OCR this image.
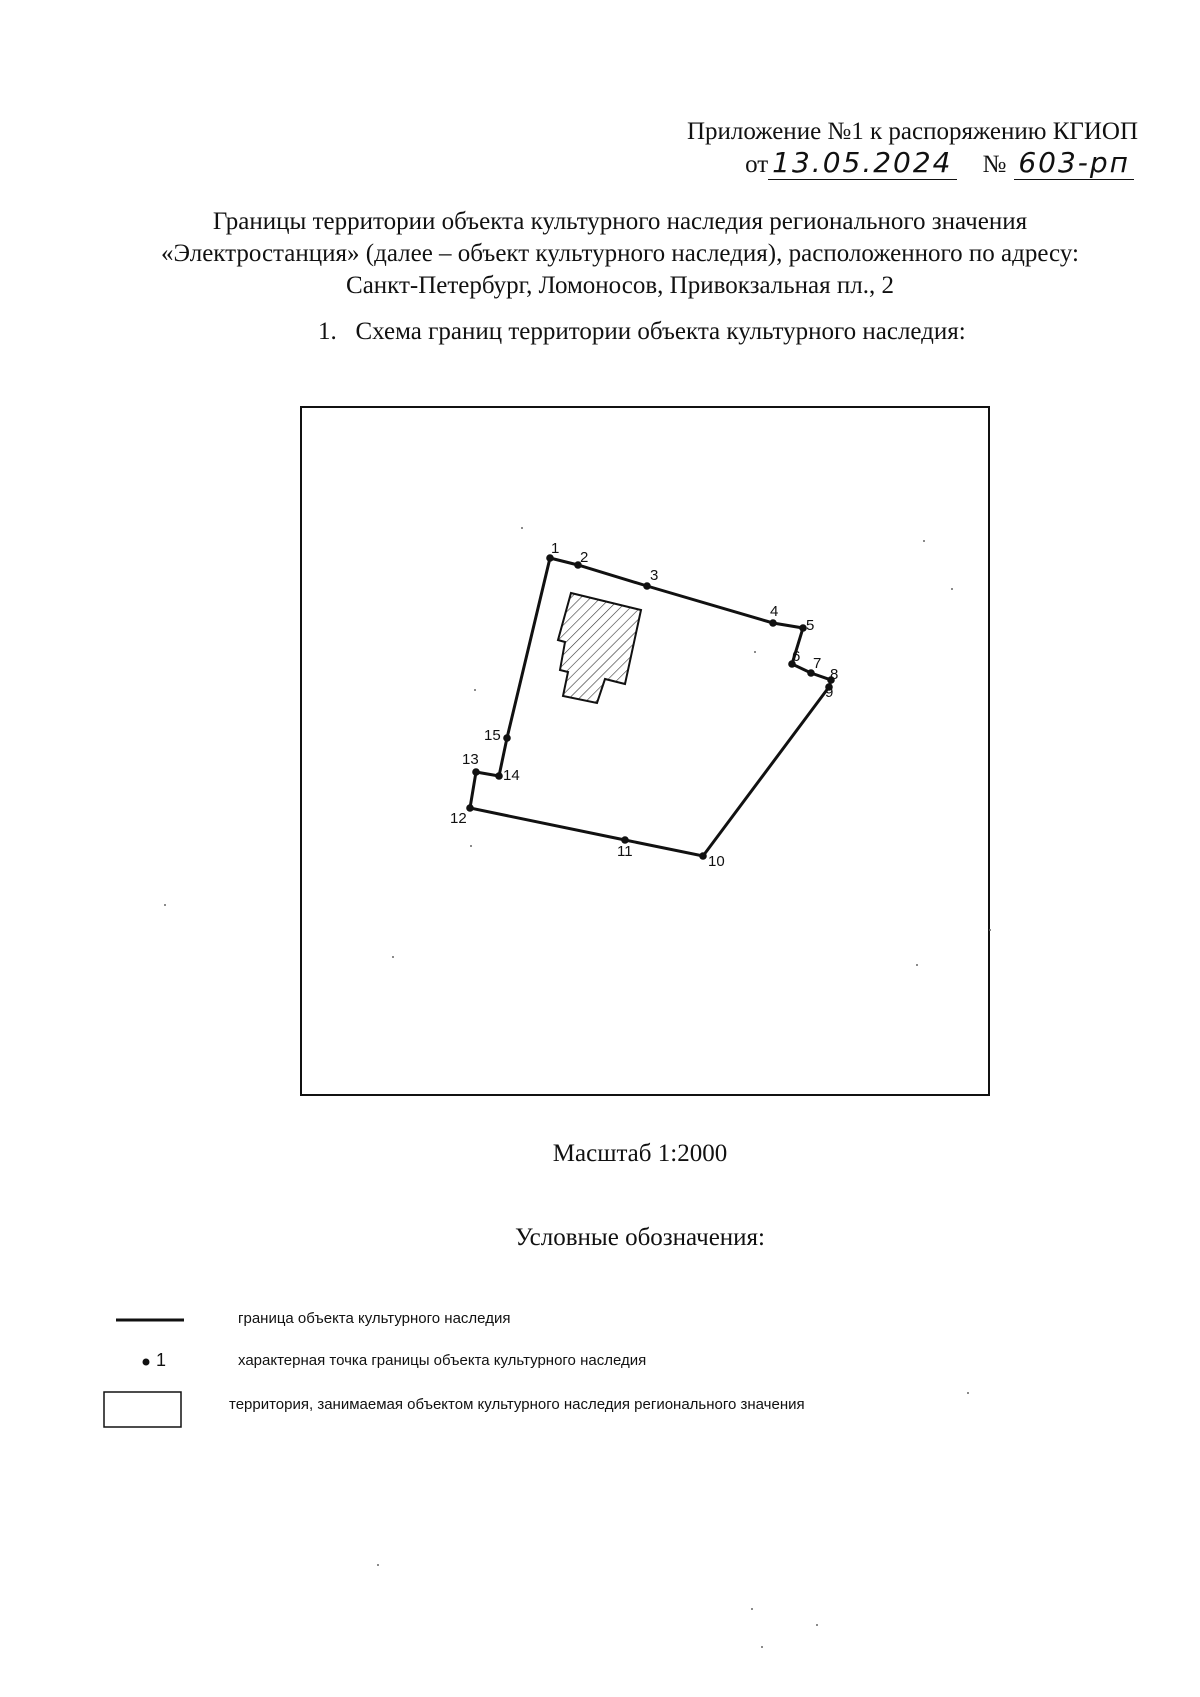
Приложение №1 к распоряжению КГИОП
от 13.05.2024 № 603-рп
Границы территории объекта культурного наследия регионального значения
«Электростанция» (далее – объект культурного наследия), расположенного по адресу:
Санкт-Петербург, Ломоносов, Привокзальная пл., 2
1.   Схема границ территории объекта культурного наследия:
1
2
3
4
5
6 7
8
9
10
11
12
13
14
15
Масштаб 1:2000
Условные обозначения:
граница объекта культурного наследия
1	характерная точка границы объекта культурного наследия
территория, занимаемая объектом культурного наследия регионального значения
